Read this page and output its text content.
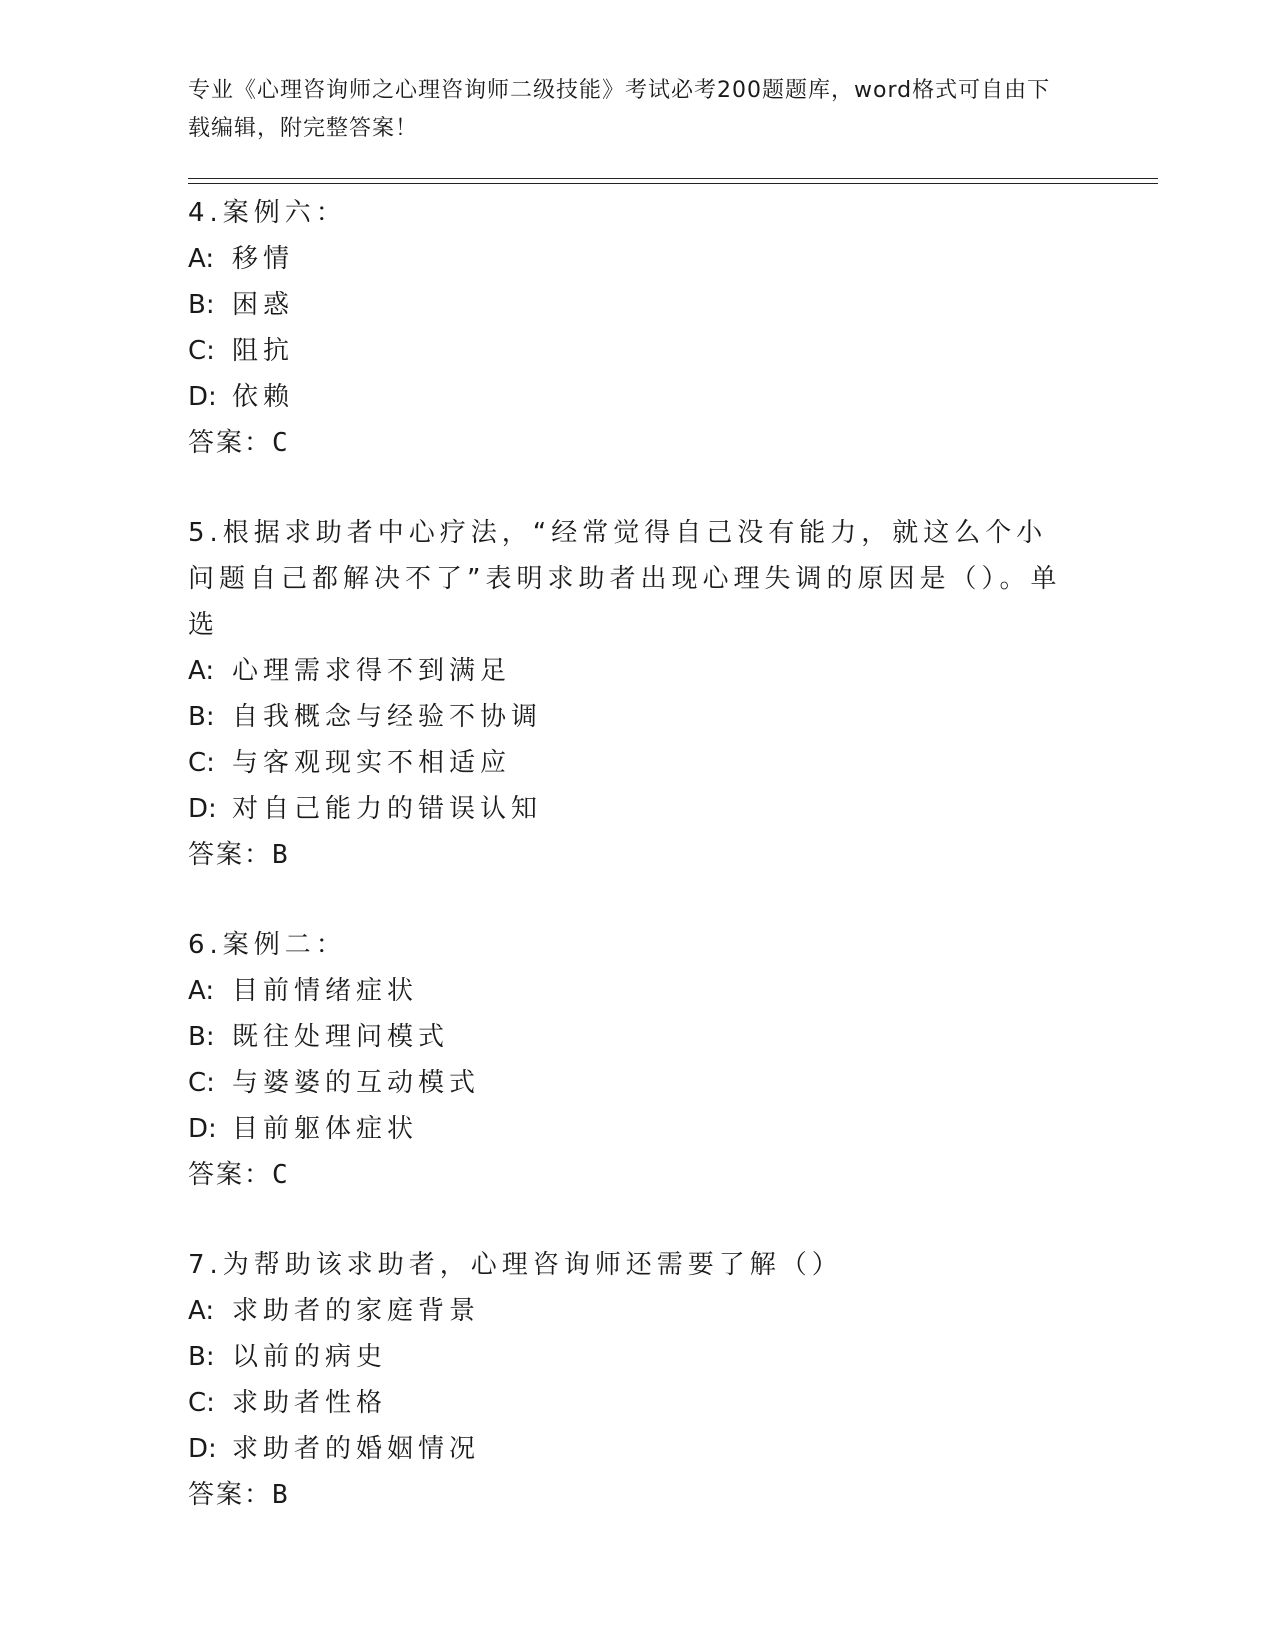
专业《心理咨询师之心理咨询师二级技能》考试必考200题题库，word格式可自由下载编辑，附完整答案！
4.案例六：
A: 移情
B: 困惑
C: 阻抗
D: 依赖
答案：C
5.根据求助者中心疗法，“经常觉得自己没有能力，就这么个小问题自己都解决不了”表明求助者出现心理失调的原因是（）。单选
A: 心理需求得不到满足
B: 自我概念与经验不协调
C: 与客观现实不相适应
D: 对自己能力的错误认知
答案：B
6.案例二：
A: 目前情绪症状
B: 既往处理问模式
C: 与婆婆的互动模式
D: 目前躯体症状
答案：C
7.为帮助该求助者，心理咨询师还需要了解（）
A: 求助者的家庭背景
B: 以前的病史
C: 求助者性格
D: 求助者的婚姻情况
答案：B
